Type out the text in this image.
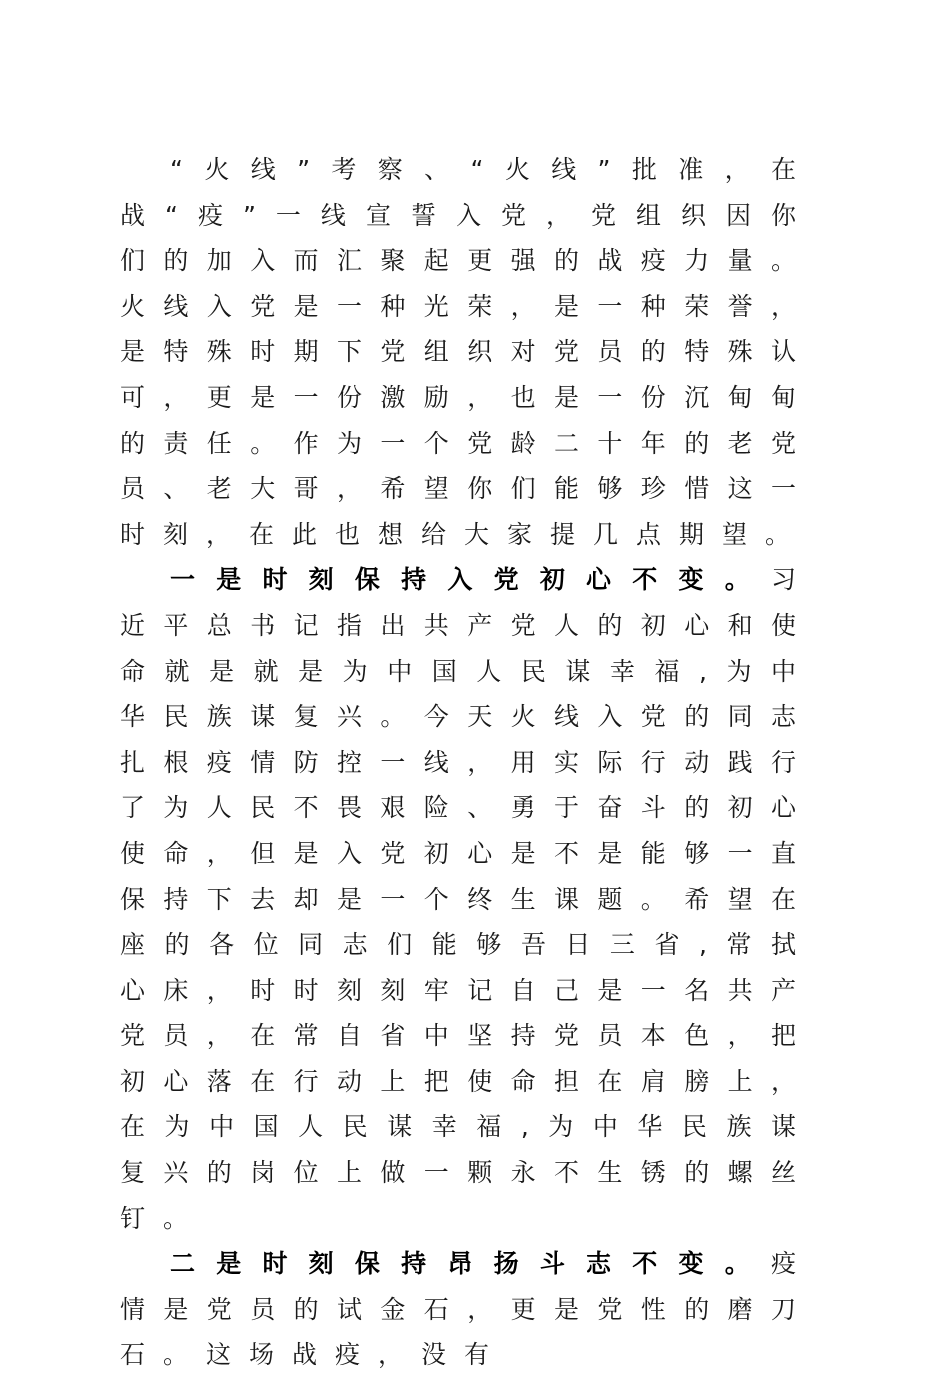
“火线”考察、“火线”批准，在战“疫”一线宣誓入党，党组织因你们的加入而汇聚起更强的战疫力量。火线入党是一种光荣，是一种荣誉，是特殊时期下党组织对党员的特殊认可，更是一份激励，也是一份沉甸甸的责任。作为一个党龄二十年的老党员、老大哥，希望你们能够珍惜这一时刻，在此也想给大家提几点期望。

一是时刻保持入党初心不变。习近平总书记指出共产党人的初心和使命就是就是为中国人民谋幸福,为中华民族谋复兴。今天火线入党的同志扎根疫情防控一线，用实际行动践行了为人民不畏艰险、勇于奋斗的初心使命，但是入党初心是不是能够一直保持下去却是一个终生课题。希望在座的各位同志们能够吾日三省,常拭心床，时时刻刻牢记自己是一名共产党员，在常自省中坚持党员本色，把初心落在行动上把使命担在肩膀上，在为中国人民谋幸福,为中华民族谋复兴的岗位上做一颗永不生锈的螺丝钉。

二是时刻保持昂扬斗志不变。疫情是党员的试金石，更是党性的磨刀石。这场战疫，没有
